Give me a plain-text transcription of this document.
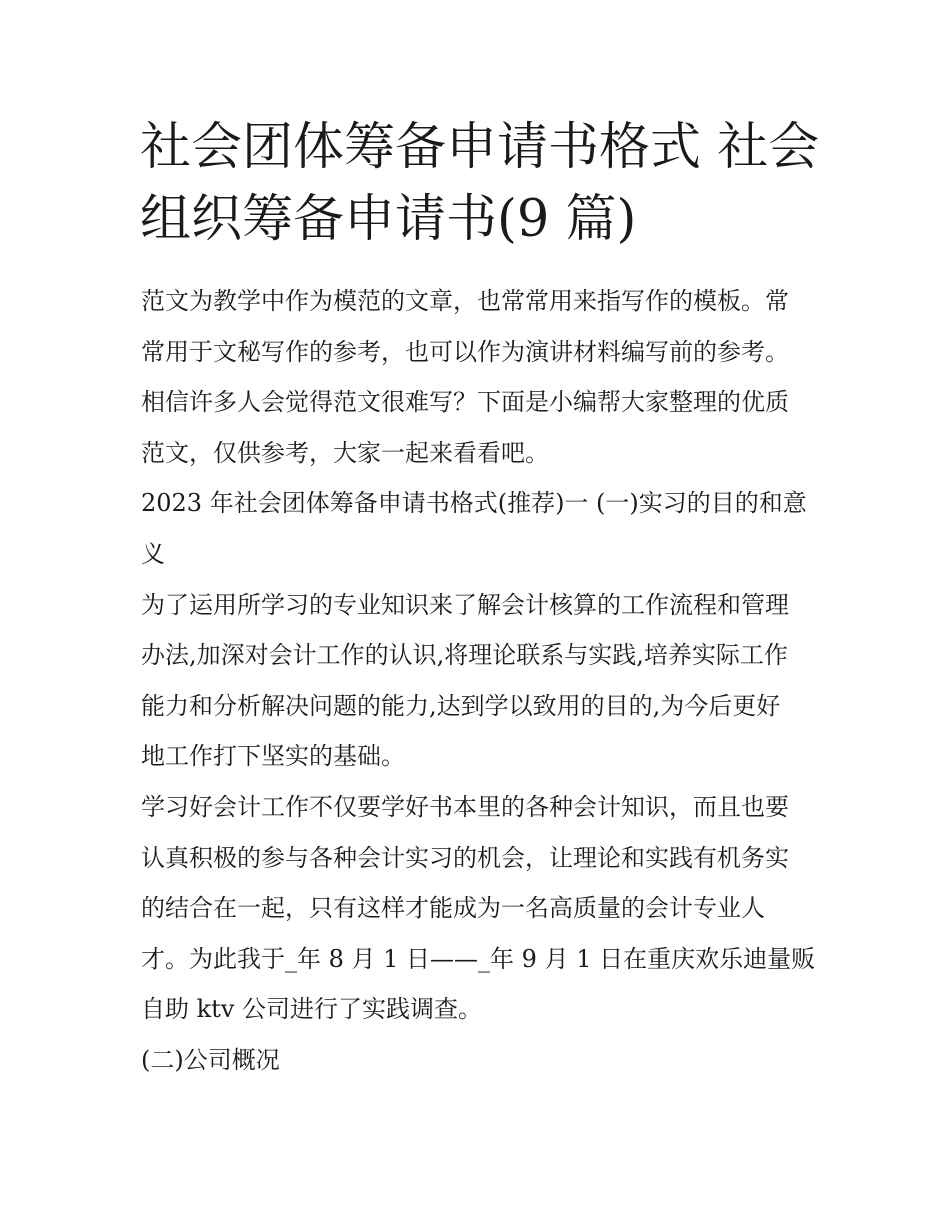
社会团体筹备申请书格式 社会
组织筹备申请书(9 篇)
范文为教学中作为模范的文章，也常常用来指写作的模板。常
常用于文秘写作的参考，也可以作为演讲材料编写前的参考。
相信许多人会觉得范文很难写？下面是小编帮大家整理的优质
范文，仅供参考，大家一起来看看吧。
2023 年社会团体筹备申请书格式(推荐)一 (一)实习的目的和意
义
为了运用所学习的专业知识来了解会计核算的工作流程和管理
办法,加深对会计工作的认识,将理论联系与实践,培养实际工作
能力和分析解决问题的能力,达到学以致用的目的,为今后更好
地工作打下坚实的基础。
学习好会计工作不仅要学好书本里的各种会计知识，而且也要
认真积极的参与各种会计实习的机会，让理论和实践有机务实
的结合在一起，只有这样才能成为一名高质量的会计专业人
才。为此我于_年 8 月 1 日——_年 9 月 1 日在重庆欢乐迪量贩
自助 ktv 公司进行了实践调查。
(二)公司概况
